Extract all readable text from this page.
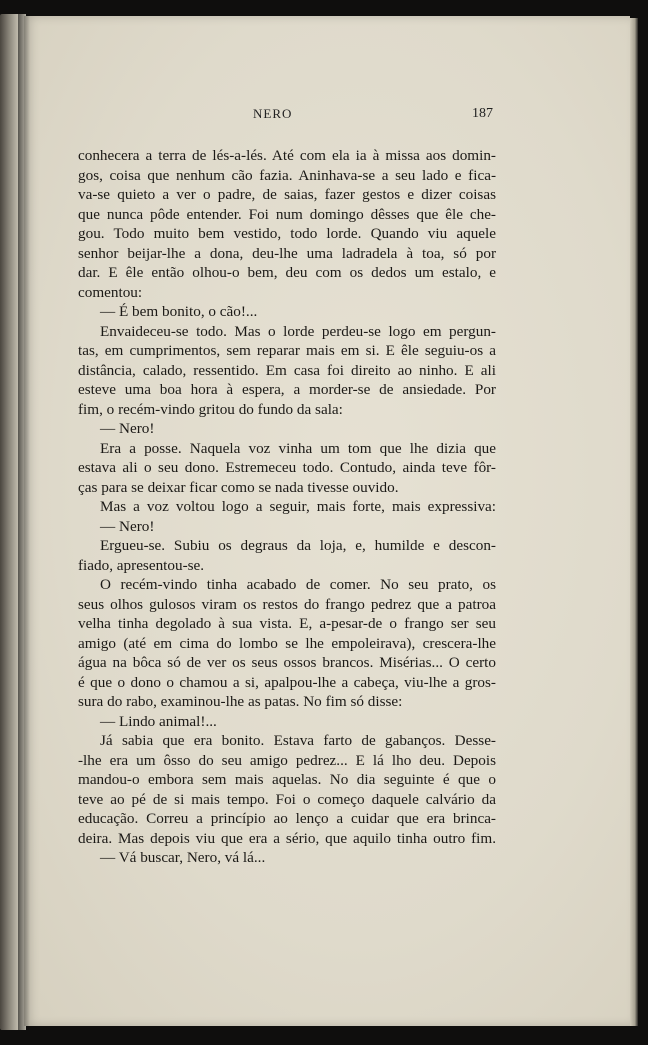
NERO	187
conhecera a terra de lés-a-lés. Até com ela ia à missa aos domin-
gos, coisa que nenhum cão fazia. Aninhava-se a seu lado e fica-
va-se quieto a ver o padre, de saias, fazer gestos e dizer coisas
que nunca pôde entender. Foi num domingo dêsses que êle che-
gou. Todo muito bem vestido, todo lorde. Quando viu aquele
senhor beijar-lhe a dona, deu-lhe uma ladradela à toa, só por
dar. E êle então olhou-o bem, deu com os dedos um estalo, e
comentou:
— É bem bonito, o cão!...
Envaideceu-se todo. Mas o lorde perdeu-se logo em pergun-
tas, em cumprimentos, sem reparar mais em si. E êle seguiu-os a
distância, calado, ressentido. Em casa foi direito ao ninho. E ali
esteve uma boa hora à espera, a morder-se de ansiedade. Por
fim, o recém-vindo gritou do fundo da sala:
— Nero!
Era a posse. Naquela voz vinha um tom que lhe dizia que
estava ali o seu dono. Estremeceu todo. Contudo, ainda teve fôr-
ças para se deixar ficar como se nada tivesse ouvido.
Mas a voz voltou logo a seguir, mais forte, mais expressiva:
— Nero!
Ergueu-se. Subiu os degraus da loja, e, humilde e descon-
fiado, apresentou-se.
O recém-vindo tinha acabado de comer. No seu prato, os
seus olhos gulosos viram os restos do frango pedrez que a patroa
velha tinha degolado à sua vista. E, a-pesar-de o frango ser seu
amigo (até em cima do lombo se lhe empoleirava), crescera-lhe
água na bôca só de ver os seus ossos brancos. Misérias... O certo
é que o dono o chamou a si, apalpou-lhe a cabeça, viu-lhe a gros-
sura do rabo, examinou-lhe as patas. No fim só disse:
— Lindo animal!...
Já sabia que era bonito. Estava farto de gabanços. Desse-
-lhe era um ôsso do seu amigo pedrez... E lá lho deu. Depois
mandou-o embora sem mais aquelas. No dia seguinte é que o
teve ao pé de si mais tempo. Foi o começo daquele calvário da
educação. Correu a princípio ao lenço a cuidar que era brinca-
deira. Mas depois viu que era a sério, que aquilo tinha outro fim.
— Vá buscar, Nero, vá lá...
